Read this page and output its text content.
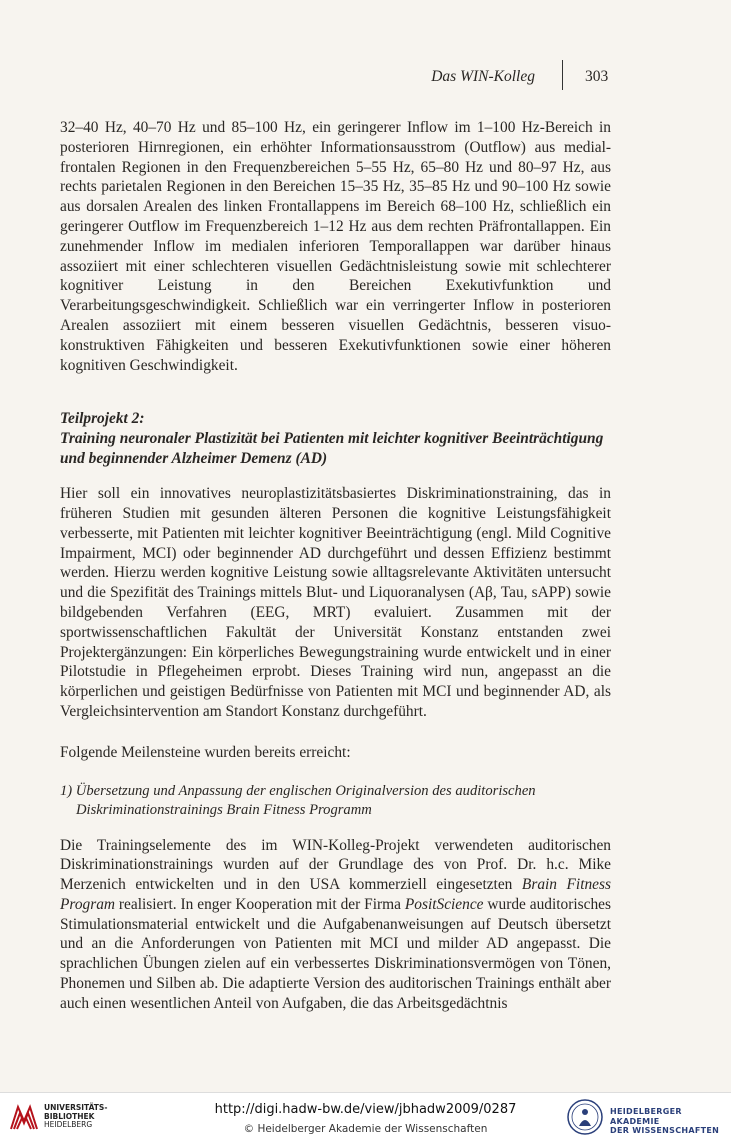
Das WIN-Kolleg	303

32–40 Hz, 40–70 Hz und 85–100 Hz, ein geringerer Inflow im 1–100 Hz-Bereich in posterioren Hirnregionen, ein erhöhter Informationsausstrom (Outflow) aus medial-frontalen Regionen in den Frequenzbereichen 5–55 Hz, 65–80 Hz und 80–97 Hz, aus rechts parietalen Regionen in den Bereichen 15–35 Hz, 35–85 Hz und 90–100 Hz sowie aus dorsalen Arealen des linken Frontallappens im Bereich 68–100 Hz, schließlich ein geringerer Outflow im Frequenzbereich 1–12 Hz aus dem rechten Präfrontallappen. Ein zunehmender Inflow im medialen inferioren Temporallappen war darüber hinaus assoziiert mit einer schlechteren visuellen Gedächtnisleistung sowie mit schlechterer kognitiver Leistung in den Bereichen Exekutivfunktion und Verarbeitungsgeschwindigkeit. Schließlich war ein verringerter Inflow in posterioren Arealen assoziiert mit einem besseren visuellen Gedächtnis, besseren visuo-konstruktiven Fähigkeiten und besseren Exekutivfunktionen sowie einer höheren kognitiven Geschwindigkeit.

Teilprojekt 2:
Training neuronaler Plastizität bei Patienten mit leichter kognitiver Beeinträchtigung und beginnender Alzheimer Demenz (AD)

Hier soll ein innovatives neuroplastizitätsbasiertes Diskriminationstraining, das in früheren Studien mit gesunden älteren Personen die kognitive Leistungsfähigkeit verbesserte, mit Patienten mit leichter kognitiver Beeinträchtigung (engl. Mild Cognitive Impairment, MCI) oder beginnender AD durchgeführt und dessen Effizienz bestimmt werden. Hierzu werden kognitive Leistung sowie alltagsrelevante Aktivitäten untersucht und die Spezifität des Trainings mittels Blut- und Liquoranalysen (Aβ, Tau, sAPP) sowie bildgebenden Verfahren (EEG, MRT) evaluiert. Zusammen mit der sportwissenschaftlichen Fakultät der Universität Konstanz entstanden zwei Projektergänzungen: Ein körperliches Bewegungstraining wurde entwickelt und in einer Pilotstudie in Pflegeheimen erprobt. Dieses Training wird nun, angepasst an die körperlichen und geistigen Bedürfnisse von Patienten mit MCI und beginnender AD, als Vergleichsintervention am Standort Konstanz durchgeführt.

Folgende Meilensteine wurden bereits erreicht:

1) Übersetzung und Anpassung der englischen Originalversion des auditorischen Diskriminationstrainings Brain Fitness Programm

Die Trainingselemente des im WIN-Kolleg-Projekt verwendeten auditorischen Diskriminationstrainings wurden auf der Grundlage des von Prof. Dr. h.c. Mike Merzenich entwickelten und in den USA kommerziell eingesetzten Brain Fitness Program realisiert. In enger Kooperation mit der Firma PositScience wurde auditorisches Stimulationsmaterial entwickelt und die Aufgabenanweisungen auf Deutsch übersetzt und an die Anforderungen von Patienten mit MCI und milder AD angepasst. Die sprachlichen Übungen zielen auf ein verbessertes Diskriminationsvermögen von Tönen, Phonemen und Silben ab. Die adaptierte Version des auditorischen Trainings enthält aber auch einen wesentlichen Anteil von Aufgaben, die das Arbeitsgedächtnis

UNIVERSITÄTS-
BIBLIOTHEK
HEIDELBERG
http://digi.hadw-bw.de/view/jbhadw2009/0287
© Heidelberger Akademie der Wissenschaften
HEIDELBERGER AKADEMIE
DER WISSENSCHAFTEN
